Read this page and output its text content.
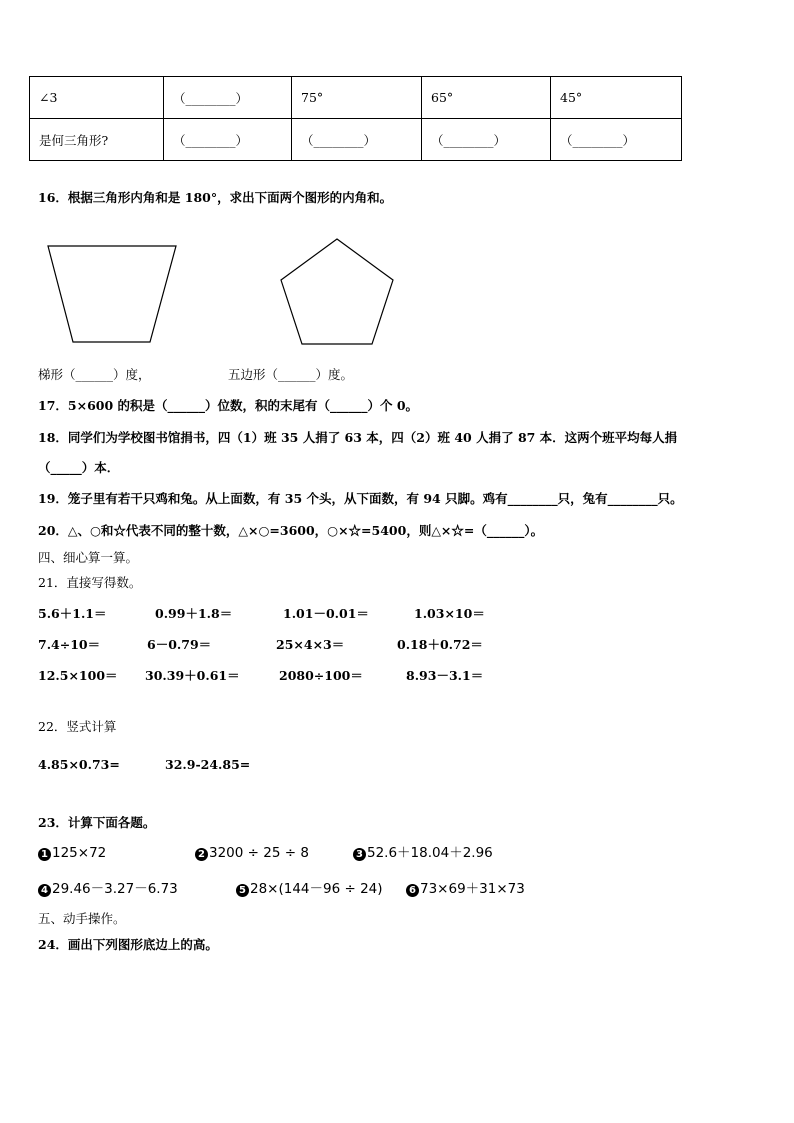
∠3	（________）	75°	65°	45°
是何三角形?	（________）	（________）	（________）	（________）
16．根据三角形内角和是 180°，求出下面两个图形的内角和。
梯形（______）度，	五边形（______）度。
17．5×600 的积是（______）位数，积的末尾有（______）个 0。
18．同学们为学校图书馆捐书，四（1）班 35 人捐了 63 本，四（2）班 40 人捐了 87 本．这两个班平均每人捐
（_____）本．
19．笼子里有若干只鸡和兔。从上面数，有 35 个头，从下面数，有 94 只脚。鸡有________只，兔有________只。
20．△、○和☆代表不同的整十数，△×○=3600，○×☆=5400，则△×☆=（______）。
四、细心算一算。
21．直接写得数。
5.6＋1.1＝	0.99＋1.8＝	1.01－0.01＝	1.03×10＝
7.4÷10＝	6－0.79＝	25×4×3＝	0.18＋0.72＝
12.5×100＝ 30.39＋0.61＝	2080÷100＝	8.93－3.1＝
22．竖式计算
4.85×0.73=	32.9-24.85=
23．计算下面各题。
1 125×72	2 3200 ÷ 25 ÷ 8	3 52.6＋18.04＋2.96
4 29.46－3.27－6.73	5 28×(144－96 ÷ 24)	6 73×69＋31×73
五、动手操作。
24．画出下列图形底边上的高。
